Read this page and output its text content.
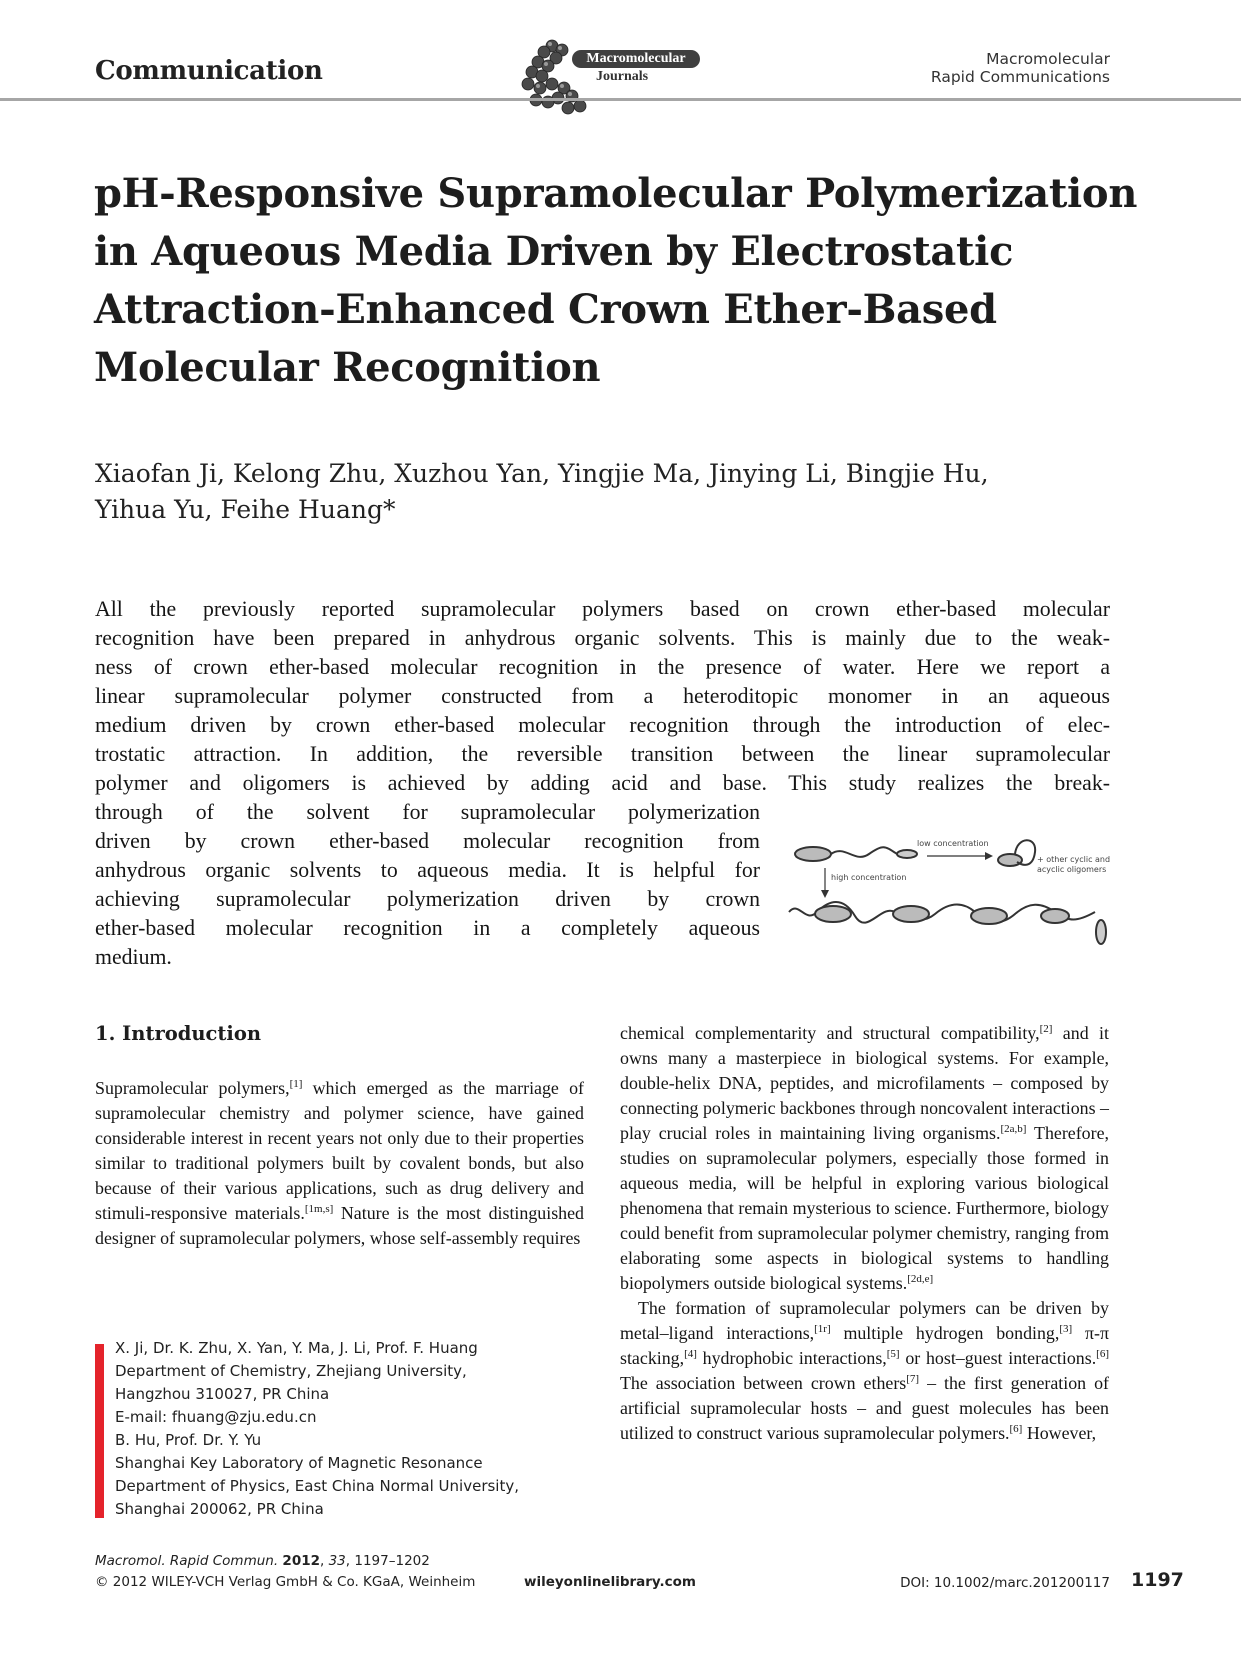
Communication	Macromolecular
Journals
Macromolecular
Rapid Communications
pH-Responsive Supramolecular Polymerization in Aqueous Media Driven by Electrostatic Attraction-Enhanced Crown Ether-Based Molecular Recognition
Xiaofan Ji, Kelong Zhu, Xuzhou Yan, Yingjie Ma, Jinying Li, Bingjie Hu,
Yihua Yu, Feihe Huang*
All the previously reported supramolecular polymers based on crown ether-based molecular
recognition have been prepared in anhydrous organic solvents. This is mainly due to the weak-
ness of crown ether-based molecular recognition in the presence of water. Here we report a
linear supramolecular polymer constructed from a heteroditopic monomer in an aqueous
medium driven by crown ether-based molecular recognition through the introduction of elec-
trostatic attraction. In addition, the reversible transition between the linear supramolecular
polymer and oligomers is achieved by adding acid and base. This study realizes the break-
through of the solvent for supramolecular polymerization
driven by crown ether-based molecular recognition from
anhydrous organic solvents to aqueous media. It is helpful for
achieving supramolecular polymerization driven by crown
ether-based molecular recognition in a completely aqueous
medium.
low concentration
high concentration
+ other cyclic and
acyclic oligomers
1. Introduction

Supramolecular polymers,[1] which emerged as the marriage of supramolecular chemistry and polymer science, have gained considerable interest in recent years not only due to their properties similar to traditional polymers built by covalent bonds, but also because of their various applications, such as drug delivery and stimuli-responsive materials.[1m,s] Nature is the most distinguished designer of supramolecular polymers, whose self-assembly requires

chemical complementarity and structural compatibility,[2] and it owns many a masterpiece in biological systems. For example, double-helix DNA, peptides, and microfilaments – composed by connecting polymeric backbones through noncovalent interactions – play crucial roles in maintaining living organisms.[2a,b] Therefore, studies on supramolecular polymers, especially those formed in aqueous media, will be helpful in exploring various biological phenomena that remain mysterious to science. Furthermore, biology could benefit from supramolecular polymer chemistry, ranging from elaborating some aspects in biological systems to handling biopolymers outside biological systems.[2d,e]

The formation of supramolecular polymers can be driven by metal–ligand interactions,[1r] multiple hydrogen bonding,[3] π-π stacking,[4] hydrophobic interactions,[5] or host–guest interactions.[6] The association between crown ethers[7] – the first generation of artificial supramolecular hosts – and guest molecules has been utilized to construct various supramolecular polymers.[6] However,

X. Ji, Dr. K. Zhu, X. Yan, Y. Ma, J. Li, Prof. F. Huang
Department of Chemistry, Zhejiang University,
Hangzhou 310027, PR China
E-mail: fhuang@zju.edu.cn
B. Hu, Prof. Dr. Y. Yu
Shanghai Key Laboratory of Magnetic Resonance
Department of Physics, East China Normal University,
Shanghai 200062, PR China
Macromol. Rapid Commun. 2012, 33, 1197–1202
© 2012 WILEY-VCH Verlag GmbH & Co. KGaA, Weinheim	wileyonlinelibrary.com	DOI: 10.1002/marc.201200117 1197
